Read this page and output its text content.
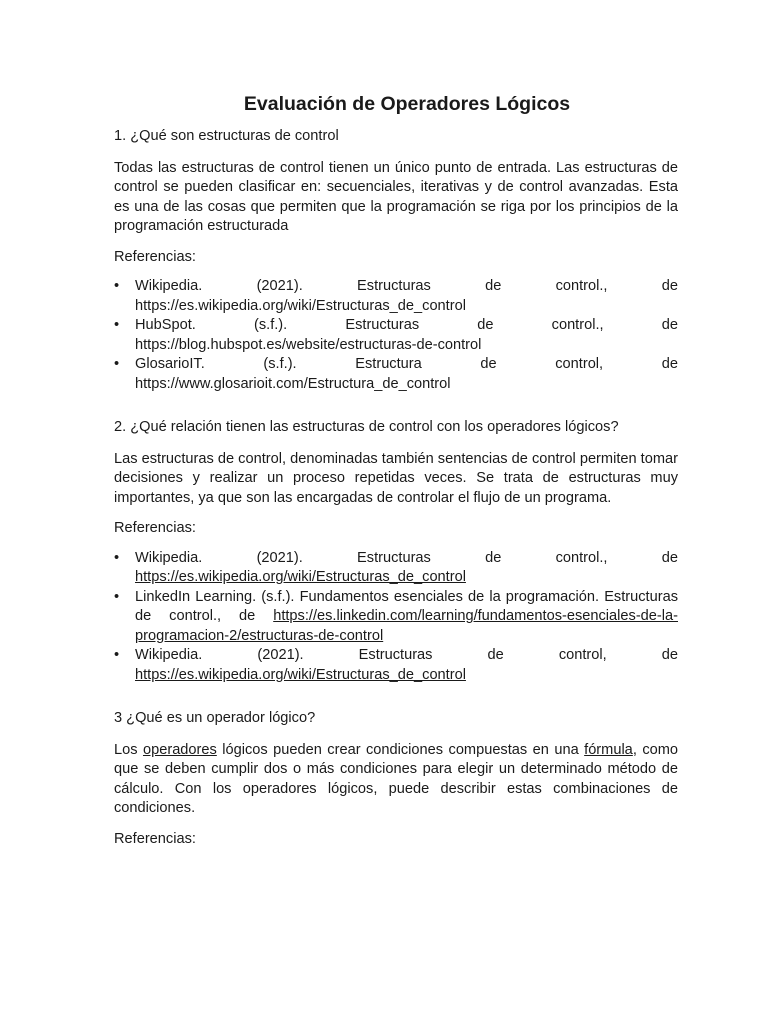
Evaluación de Operadores Lógicos
1. ¿Qué son estructuras de control
Todas las estructuras de control tienen un único punto de entrada. Las estructuras de control se pueden clasificar en: secuenciales, iterativas y de control avanzadas. Esta es una de las cosas que permiten que la programación se riga por los principios de la programación estructurada
Referencias:
• Wikipedia.	(2021).	Estructuras	de	control.,	de
https://es.wikipedia.org/wiki/Estructuras_de_control
• HubSpot.	(s.f.).	Estructuras	de	control.,	de
https://blog.hubspot.es/website/estructuras-de-control
• GlosarioIT.	(s.f.).	Estructura	de	control,	de
https://www.glosarioit.com/Estructura_de_control
2. ¿Qué relación tienen las estructuras de control con los operadores lógicos?
Las estructuras de control, denominadas también sentencias de control permiten tomar decisiones y realizar un proceso repetidas veces. Se trata de estructuras muy importantes, ya que son las encargadas de controlar el flujo de un programa.
Referencias:
• Wikipedia.	(2021).	Estructuras	de	control.,	de
https://es.wikipedia.org/wiki/Estructuras_de_control
• LinkedIn Learning. (s.f.). Fundamentos esenciales de la programación. Estructuras de control., de https://es.linkedin.com/learning/fundamentos-esenciales-de-la-programacion-2/estructuras-de-control
• Wikipedia.	(2021).	Estructuras	de	control,	de
https://es.wikipedia.org/wiki/Estructuras_de_control
3 ¿Qué es un operador lógico?
Los operadores lógicos pueden crear condiciones compuestas en una fórmula, como que se deben cumplir dos o más condiciones para elegir un determinado método de cálculo. Con los operadores lógicos, puede describir estas combinaciones de condiciones.
Referencias:
